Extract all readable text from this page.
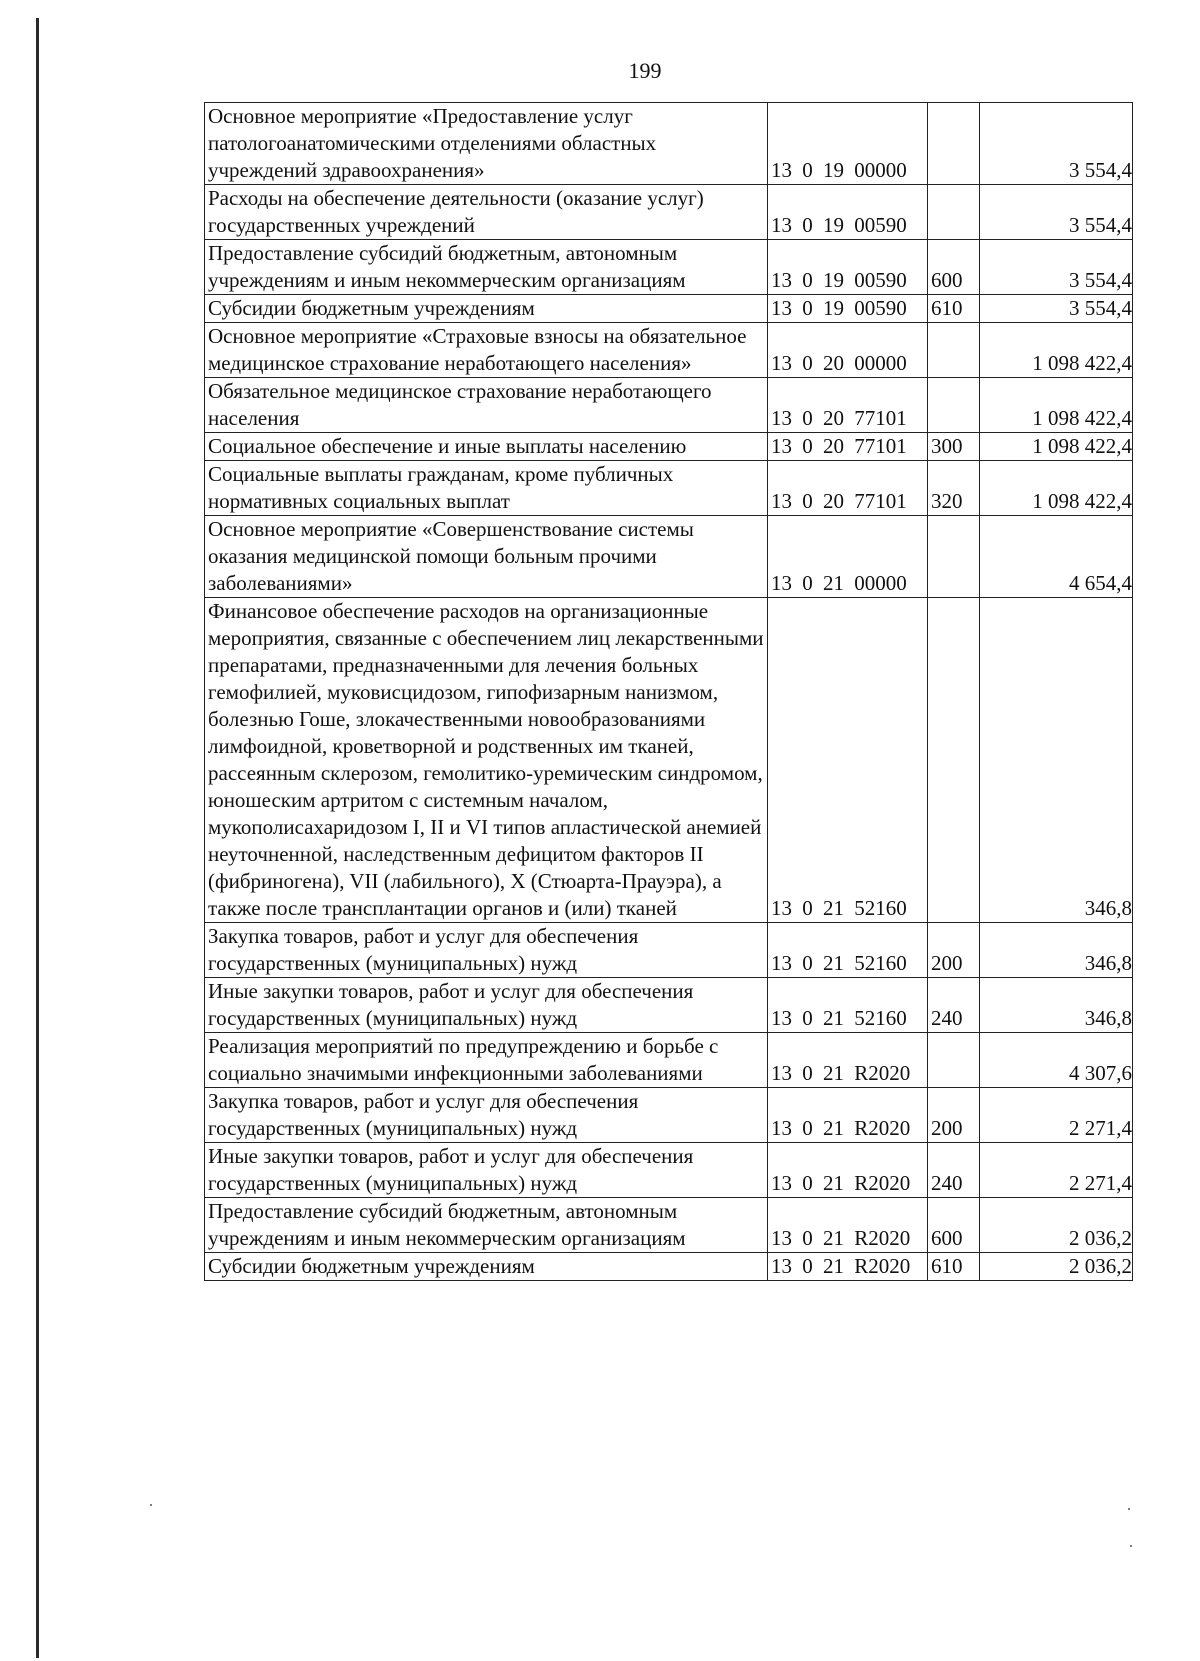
199
Основное мероприятие «Предоставление услуг патологоанатомическими отделениями областных учреждений здравоохранения»	13 0 19 00000		3 554,4
Расходы на обеспечение деятельности (оказание услуг) государственных учреждений	13 0 19 00590		3 554,4
Предоставление субсидий бюджетным, автономным учреждениям и иным некоммерческим организациям	13 0 19 00590	600	3 554,4
Субсидии бюджетным учреждениям	13 0 19 00590	610	3 554,4
Основное мероприятие «Страховые взносы на обязательное медицинское страхование неработающего населения»	13 0 20 00000		1 098 422,4
Обязательное медицинское страхование неработающего населения	13 0 20 77101		1 098 422,4
Социальное обеспечение и иные выплаты населению	13 0 20 77101	300	1 098 422,4
Социальные выплаты гражданам, кроме публичных нормативных социальных выплат	13 0 20 77101	320	1 098 422,4
Основное мероприятие «Совершенствование системы оказания медицинской помощи больным прочими заболеваниями»	13 0 21 00000		4 654,4
Финансовое обеспечение расходов на организационные мероприятия, связанные с обеспечением лиц лекарственными препаратами, предназначенными для лечения больных гемофилией, муковисцидозом, гипофизарным нанизмом, болезнью Гоше, злокачественными новообразованиями лимфоидной, кроветворной и родственных им тканей, рассеянным склерозом, гемолитико-уремическим синдромом, юношеским артритом с системным началом, мукополисахаридозом I, II и VI типов апластической анемией неуточненной, наследственным дефицитом факторов II (фибриногена), VII (лабильного), X (Стюарта-Прауэра), а также после трансплантации органов и (или) тканей	13 0 21 52160		346,8
Закупка товаров, работ и услуг для обеспечения государственных (муниципальных) нужд	13 0 21 52160	200	346,8
Иные закупки товаров, работ и услуг для обеспечения государственных (муниципальных) нужд	13 0 21 52160	240	346,8
Реализация мероприятий по предупреждению и борьбе с социально значимыми инфекционными заболеваниями	13 0 21 R2020		4 307,6
Закупка товаров, работ и услуг для обеспечения государственных (муниципальных) нужд	13 0 21 R2020	200	2 271,4
Иные закупки товаров, работ и услуг для обеспечения государственных (муниципальных) нужд	13 0 21 R2020	240	2 271,4
Предоставление субсидий бюджетным, автономным учреждениям и иным некоммерческим организациям	13 0 21 R2020	600	2 036,2
Субсидии бюджетным учреждениям	13 0 21 R2020	610	2 036,2
